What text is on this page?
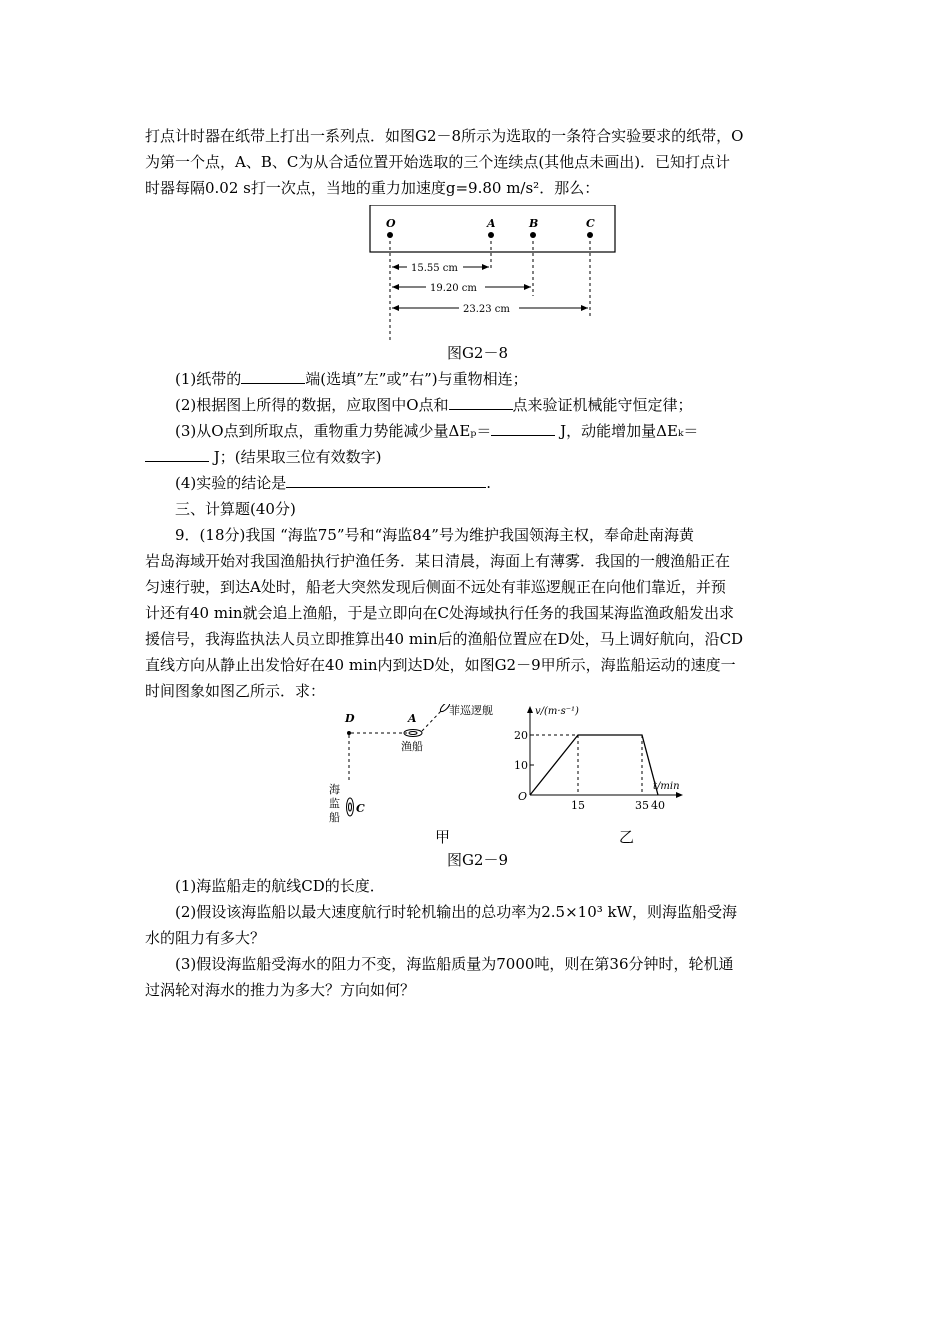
打点计时器在纸带上打出一系列点．如图G2－8所示为选取的一条符合实验要求的纸带，O

为第一个点，A、B、C为从合适位置开始选取的三个连续点(其他点未画出)．已知打点计

时器每隔0.02 s打一次点，当地的重力加速度g=9.80 m/s²．那么：

O	A	B	C
15.55 cm
19.20 cm
23.23 cm

图G2－8

(1)纸带的	端(选填”左”或”右”)与重物相连；

(2)根据图上所得的数据，应取图中O点和	点来验证机械能守恒定律；

(3)从O点到所取点，重物重力势能减少量ΔEₚ＝	J，动能增加量ΔEₖ＝

J；(结果取三位有效数字)

(4)实验的结论是	.

三、计算题(40分)

9．(18分)我国 “海监75”号和“海监84”号为维护我国领海主权，奉命赴南海黄

岩岛海域开始对我国渔船执行护渔任务．某日清晨，海面上有薄雾．我国的一艘渔船正在

匀速行驶，到达A处时，船老大突然发现后侧面不远处有菲巡逻舰正在向他们靠近，并预

计还有40 min就会追上渔船，于是立即向在C处海域执行任务的我国某海监渔政船发出求

援信号，我海监执法人员立即推算出40 min后的渔船位置应在D处，马上调好航向，沿CD

直线方向从静止出发恰好在40 min内到达D处，如图G2－9甲所示，海监船运动的速度一

时间图象如图乙所示．求：

D	A
渔船
菲巡逻舰
海
监
船
C
甲
v/(m·s⁻¹)
t/min
O
10
20
15	35 40
乙

图G2－9

(1)海监船走的航线CD的长度．

(2)假设该海监船以最大速度航行时轮机输出的总功率为2.5×10³ kW，则海监船受海

水的阻力有多大？

(3)假设海监船受海水的阻力不变，海监船质量为7000吨，则在第36分钟时，轮机通

过涡轮对海水的推力为多大？方向如何？
